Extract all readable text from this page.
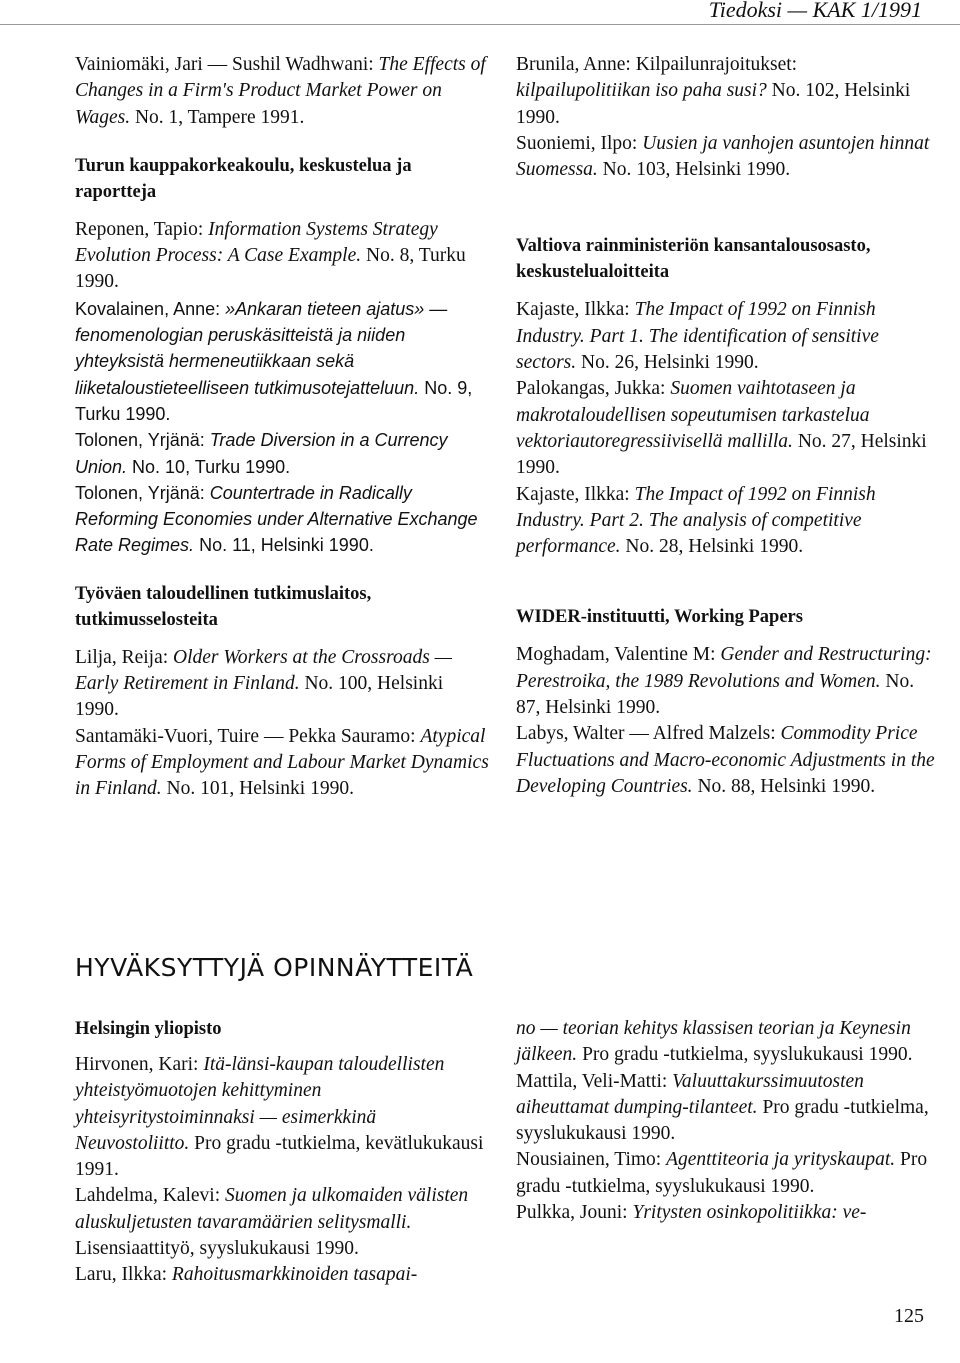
Tiedoksi — KAK 1/1991

Vainiomäki, Jari — Sushil Wadhwani: The Effects of Changes in a Firm's Product Market Power on Wages. No. 1, Tampere 1991.

Turun kauppakorkeakoulu, keskustelua ja raportteja

Reponen, Tapio: Information Systems Strategy Evolution Process: A Case Example. No. 8, Turku 1990.

Kovalainen, Anne: »Ankaran tieteen ajatus» — fenomenologian peruskäsitteistä ja niiden yhteyksistä hermeneutiikkaan sekä liiketaloustieteelliseen tutkimusotejatteluun. No. 9, Turku 1990.

Tolonen, Yrjänä: Trade Diversion in a Currency Union. No. 10, Turku 1990.

Tolonen, Yrjänä: Countertrade in Radically Reforming Economies under Alternative Exchange Rate Regimes. No. 11, Helsinki 1990.

Työväen taloudellinen tutkimuslaitos, tutkimusselosteita

Lilja, Reija: Older Workers at the Crossroads — Early Retirement in Finland. No. 100, Helsinki 1990.

Santamäki-Vuori, Tuire — Pekka Sauramo: Atypical Forms of Employment and Labour Market Dynamics in Finland. No. 101, Helsinki 1990.

Brunila, Anne: Kilpailunrajoitukset: kilpailupolitiikan iso paha susi? No. 102, Helsinki 1990.

Suoniemi, Ilpo: Uusien ja vanhojen asuntojen hinnat Suomessa. No. 103, Helsinki 1990.

Valtiova rainministeriön kansantalousosasto, keskustelualoitteita

Kajaste, Ilkka: The Impact of 1992 on Finnish Industry. Part 1. The identification of sensitive sectors. No. 26, Helsinki 1990.

Palokangas, Jukka: Suomen vaihtotaseen ja makrotaloudellisen sopeutumisen tarkastelua vektoriautoregressiivisellä mallilla. No. 27, Helsinki 1990.

Kajaste, Ilkka: The Impact of 1992 on Finnish Industry. Part 2. The analysis of competitive performance. No. 28, Helsinki 1990.

WIDER-instituutti, Working Papers

Moghadam, Valentine M: Gender and Restructuring: Perestroika, the 1989 Revolutions and Women. No. 87, Helsinki 1990.

Labys, Walter — Alfred Malzels: Commodity Price Fluctuations and Macro-economic Adjustments in the Developing Countries. No. 88, Helsinki 1990.

HYVÄKSYTTYJÄ OPINNÄYTTEITÄ

Helsingin yliopisto

Hirvonen, Kari: Itä-länsi-kaupan taloudellisten yhteistyömuotojen kehittyminen yhteisyritystoiminnaksi — esimerkkinä Neuvostoliitto. Pro gradu -tutkielma, kevätlukukausi 1991.

Lahdelma, Kalevi: Suomen ja ulkomaiden välisten aluskuljetusten tavaramäärien selitysmalli. Lisensiaattityö, syyslukukausi 1990.

Laru, Ilkka: Rahoitusmarkkinoiden tasapai-

no — teorian kehitys klassisen teorian ja Keynesin jälkeen. Pro gradu -tutkielma, syyslukukausi 1990.

Mattila, Veli-Matti: Valuuttakurssimuutosten aiheuttamat dumping-tilanteet. Pro gradu -tutkielma, syyslukukausi 1990.

Nousiainen, Timo: Agenttiteoria ja yrityskaupat. Pro gradu -tutkielma, syyslukukausi 1990.

Pulkka, Jouni: Yritysten osinkopolitiikka: ve-

125
